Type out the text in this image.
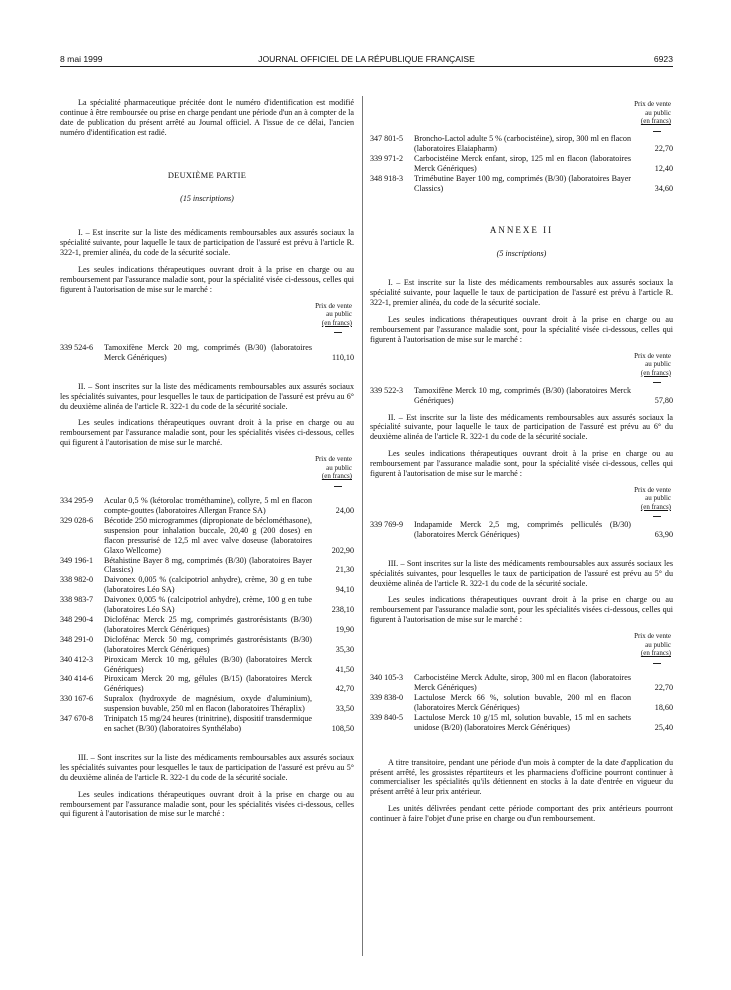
8 mai 1999	JOURNAL OFFICIEL DE LA RÉPUBLIQUE FRANÇAISE	6923

La spécialité pharmaceutique précitée dont le numéro d'identification est modifié continue à être remboursée ou prise en charge pendant une période d'un an à compter de la date de publication du présent arrêté au Journal officiel. A l'issue de ce délai, l'ancien numéro d'identification est radié.

DEUXIÈME PARTIE

(15 inscriptions)

I. – Est inscrite sur la liste des médicaments remboursables aux assurés sociaux la spécialité suivante, pour laquelle le taux de participation de l'assuré est prévu à l'article R. 322-1, premier alinéa, du code de la sécurité sociale.

Les seules indications thérapeutiques ouvrant droit à la prise en charge ou au remboursement par l'assurance maladie sont, pour la spécialité visée ci-dessous, celles qui figurent à l'autorisation de mise sur le marché :

Prix de vente
au public
(en francs)
339 524-6	Tamoxifène Merck 20 mg, comprimés (B/30) (laboratoires Merck Génériques)	110,10

II. – Sont inscrites sur la liste des médicaments remboursables aux assurés sociaux les spécialités suivantes, pour lesquelles le taux de participation de l'assuré est prévu au 6° du deuxième alinéa de l'article R. 322-1 du code de la sécurité sociale.

Les seules indications thérapeutiques ouvrant droit à la prise en charge ou au remboursement par l'assurance maladie sont, pour les spécialités visées ci-dessous, celles qui figurent à l'autorisation de mise sur le marché.

Prix de vente
au public
(en francs)
334 295-9	Acular 0,5 % (kétorolac trométhamine), collyre, 5 ml en flacon compte-gouttes (laboratoires Allergan France SA)	24,00
329 028-6	Bécotide 250 microgrammes (dipropionate de béclométhasone), suspension pour inhalation buccale, 20,40 g (200 doses) en flacon pressurisé de 12,5 ml avec valve doseuse (laboratoires Glaxo Wellcome)	202,90
349 196-1	Bétahistine Bayer 8 mg, comprimés (B/30) (laboratoires Bayer Classics)	21,30
338 982-0	Daivonex 0,005 % (calcipotriol anhydre), crème, 30 g en tube (laboratoires Léo SA)	94,10
338 983-7	Daivonex 0,005 % (calcipotriol anhydre), crème, 100 g en tube (laboratoires Léo SA)	238,10
348 290-4	Diclofénac Merck 25 mg, comprimés gastrorésistants (B/30) (laboratoires Merck Génériques)	19,90
348 291-0	Diclofénac Merck 50 mg, comprimés gastrorésistants (B/30) (laboratoires Merck Génériques)	35,30
340 412-3	Piroxicam Merck 10 mg, gélules (B/30) (laboratoires Merck Génériques)	41,50
340 414-6	Piroxicam Merck 20 mg, gélules (B/15) (laboratoires Merck Génériques)	42,70
330 167-6	Supralox (hydroxyde de magnésium, oxyde d'aluminium), suspension buvable, 250 ml en flacon (laboratoires Théraplix)	33,50
347 670-8	Trinipatch 15 mg/24 heures (trinitrine), dispositif transdermique en sachet (B/30) (laboratoires Synthélabo)	108,50

III. – Sont inscrites sur la liste des médicaments remboursables aux assurés sociaux les spécialités suivantes pour lesquelles le taux de participation de l'assuré est prévu au 5° du deuxième alinéa de l'article R. 322-1 du code de la sécurité sociale.

Les seules indications thérapeutiques ouvrant droit à la prise en charge ou au remboursement par l'assurance maladie sont, pour les spécialités visées ci-dessous, celles qui figurent à l'autorisation de mise sur le marché :

Prix de vente
au public
(en francs)
347 801-5	Broncho-Lactol adulte 5 % (carbocistéine), sirop, 300 ml en flacon (laboratoires Elaiapharm)	22,70
339 971-2	Carbocistéine Merck enfant, sirop, 125 ml en flacon (laboratoires Merck Génériques)	12,40
348 918-3	Trimébutine Bayer 100 mg, comprimés (B/30) (laboratoires Bayer Classics)	34,60

ANNEXE II

(5 inscriptions)

I. – Est inscrite sur la liste des médicaments remboursables aux assurés sociaux la spécialité suivante, pour laquelle le taux de participation de l'assuré est prévu à l'article R. 322-1, premier alinéa, du code de la sécurité sociale.

Les seules indications thérapeutiques ouvrant droit à la prise en charge ou au remboursement par l'assurance maladie sont, pour la spécialité visée ci-dessous, celles qui figurent à l'autorisation de mise sur le marché :

Prix de vente
au public
(en francs)
339 522-3	Tamoxifène Merck 10 mg, comprimés (B/30) (laboratoires Merck Génériques)	57,80

II. – Est inscrite sur la liste des médicaments remboursables aux assurés sociaux la spécialité suivante, pour laquelle le taux de participation de l'assuré est prévu au 6° du deuxième alinéa de l'article R. 322-1 du code de la sécurité sociale.

Les seules indications thérapeutiques ouvrant droit à la prise en charge ou au remboursement par l'assurance maladie sont, pour la spécialité visée ci-dessous, celles qui figurent à l'autorisation de mise sur le marché :

Prix de vente
au public
(en francs)
339 769-9	Indapamide Merck 2,5 mg, comprimés pelliculés (B/30) (laboratoires Merck Génériques)	63,90

III. – Sont inscrites sur la liste des médicaments remboursables aux assurés sociaux les spécialités suivantes, pour lesquelles le taux de participation de l'assuré est prévu au 5° du deuxième alinéa de l'article R. 322-1 du code de la sécurité sociale.

Les seules indications thérapeutiques ouvrant droit à la prise en charge ou au remboursement par l'assurance maladie sont, pour les spécialités visées ci-dessous, celles qui figurent à l'autorisation de mise sur le marché :

Prix de vente
au public
(en francs)
340 105-3	Carbocistéine Merck Adulte, sirop, 300 ml en flacon (laboratoires Merck Génériques)	22,70
339 838-0	Lactulose Merck 66 %, solution buvable, 200 ml en flacon (laboratoires Merck Génériques)	18,60
339 840-5	Lactulose Merck 10 g/15 ml, solution buvable, 15 ml en sachets unidose (B/20) (laboratoires Merck Génériques)	25,40

A titre transitoire, pendant une période d'un mois à compter de la date d'application du présent arrêté, les grossistes répartiteurs et les pharmaciens d'officine pourront continuer à commercialiser les spécialités qu'ils détiennent en stocks à la date d'entrée en vigueur du présent arrêté à leur prix antérieur.

Les unités délivrées pendant cette période comportant des prix antérieurs pourront continuer à faire l'objet d'une prise en charge ou d'un remboursement.
